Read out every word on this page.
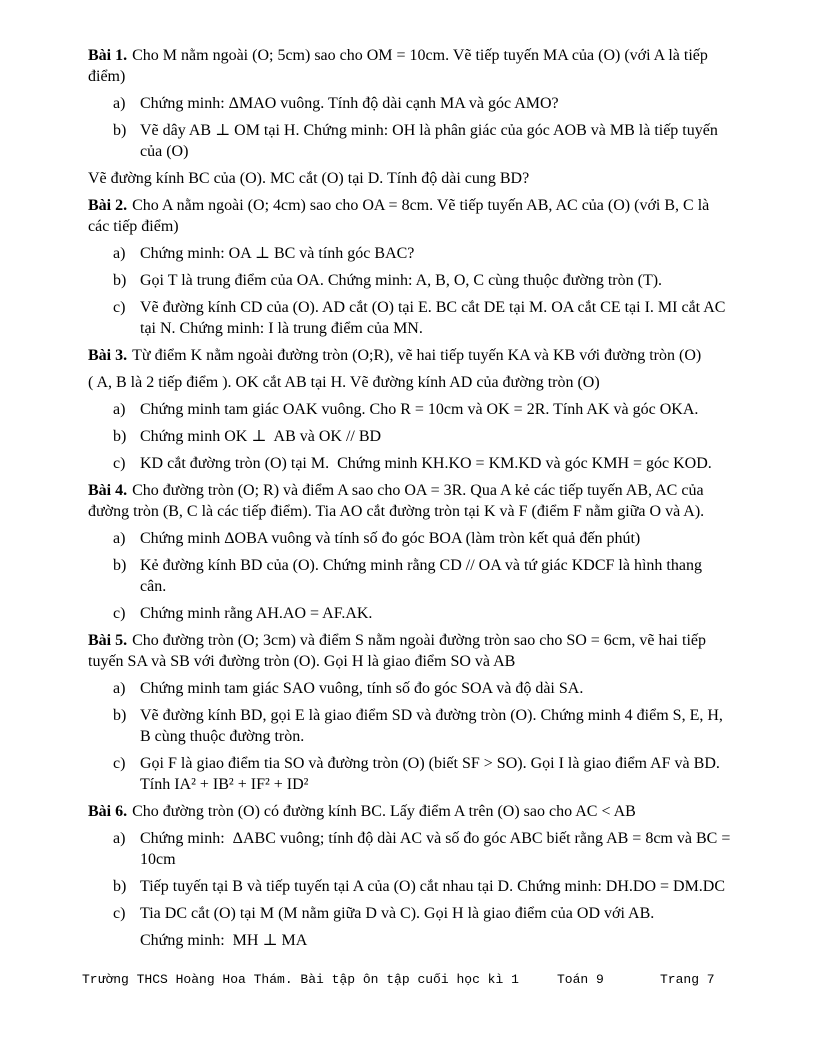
Bài 1. Cho M nằm ngoài (O; 5cm) sao cho OM = 10cm. Vẽ tiếp tuyến MA của (O) (với A là tiếp điểm)

a) Chứng minh: ΔMAO vuông. Tính độ dài cạnh MA và góc AMO?
b) Vẽ dây AB ⊥ OM tại H. Chứng minh: OH là phân giác của góc AOB và MB là tiếp tuyến của (O)

Vẽ đường kính BC của (O). MC cắt (O) tại D. Tính độ dài cung BD?

Bài 2. Cho A nằm ngoài (O; 4cm) sao cho OA = 8cm. Vẽ tiếp tuyến AB, AC của (O) (với B, C là các tiếp điểm)

a) Chứng minh: OA ⊥ BC và tính góc BAC?
b) Gọi T là trung điểm của OA. Chứng minh: A, B, O, C cùng thuộc đường tròn (T).
c) Vẽ đường kính CD của (O). AD cắt (O) tại E. BC cắt DE tại M. OA cắt CE tại I. MI cắt AC tại N. Chứng minh: I là trung điểm của MN.

Bài 3. Từ điểm K nằm ngoài đường tròn (O;R), vẽ hai tiếp tuyến KA và KB với đường tròn (O)

( A, B là 2 tiếp điểm ). OK cắt AB tại H. Vẽ đường kính AD của đường tròn (O)

a) Chứng minh tam giác OAK vuông. Cho R = 10cm và OK = 2R. Tính AK và góc OKA.
b) Chứng minh OK ⊥  AB và OK // BD
c) KD cắt đường tròn (O) tại M.  Chứng minh KH.KO = KM.KD và góc KMH = góc KOD.

Bài 4. Cho đường tròn (O; R) và điểm A sao cho OA = 3R. Qua A kẻ các tiếp tuyến AB, AC của đường tròn (B, C là các tiếp điểm). Tia AO cắt đường tròn tại K và F (điểm F nằm giữa O và A).

a) Chứng minh ΔOBA vuông và tính số đo góc BOA (làm tròn kết quả đến phút)
b) Kẻ đường kính BD của (O). Chứng minh rằng CD // OA và tứ giác KDCF là hình thang cân.
c) Chứng minh rằng AH.AO = AF.AK.

Bài 5. Cho đường tròn (O; 3cm) và điểm S nằm ngoài đường tròn sao cho SO = 6cm, vẽ hai tiếp tuyến SA và SB với đường tròn (O). Gọi H là giao điểm SO và AB

a) Chứng minh tam giác SAO vuông, tính số đo góc SOA và độ dài SA.
b) Vẽ đường kính BD, gọi E là giao điểm SD và đường tròn (O). Chứng minh 4 điểm S, E, H, B cùng thuộc đường tròn.
c) Gọi F là giao điểm tia SO và đường tròn (O) (biết SF > SO). Gọi I là giao điểm AF và BD. Tính IA² + IB² + IF² + ID²

Bài 6. Cho đường tròn (O) có đường kính BC. Lấy điểm A trên (O) sao cho AC < AB

a) Chứng minh:  ΔABC vuông; tính độ dài AC và số đo góc ABC biết rằng AB = 8cm và BC = 10cm
b) Tiếp tuyến tại B và tiếp tuyến tại A của (O) cắt nhau tại D. Chứng minh: DH.DO = DM.DC
c) Tia DC cắt (O) tại M (M nằm giữa D và C). Gọi H là giao điểm của OD với AB.
Chứng minh:  MH ⊥ MA
Trường THCS Hoàng Hoa Thám. Bài tập ôn tập cuối học kì 1	Toán 9	Trang 7
